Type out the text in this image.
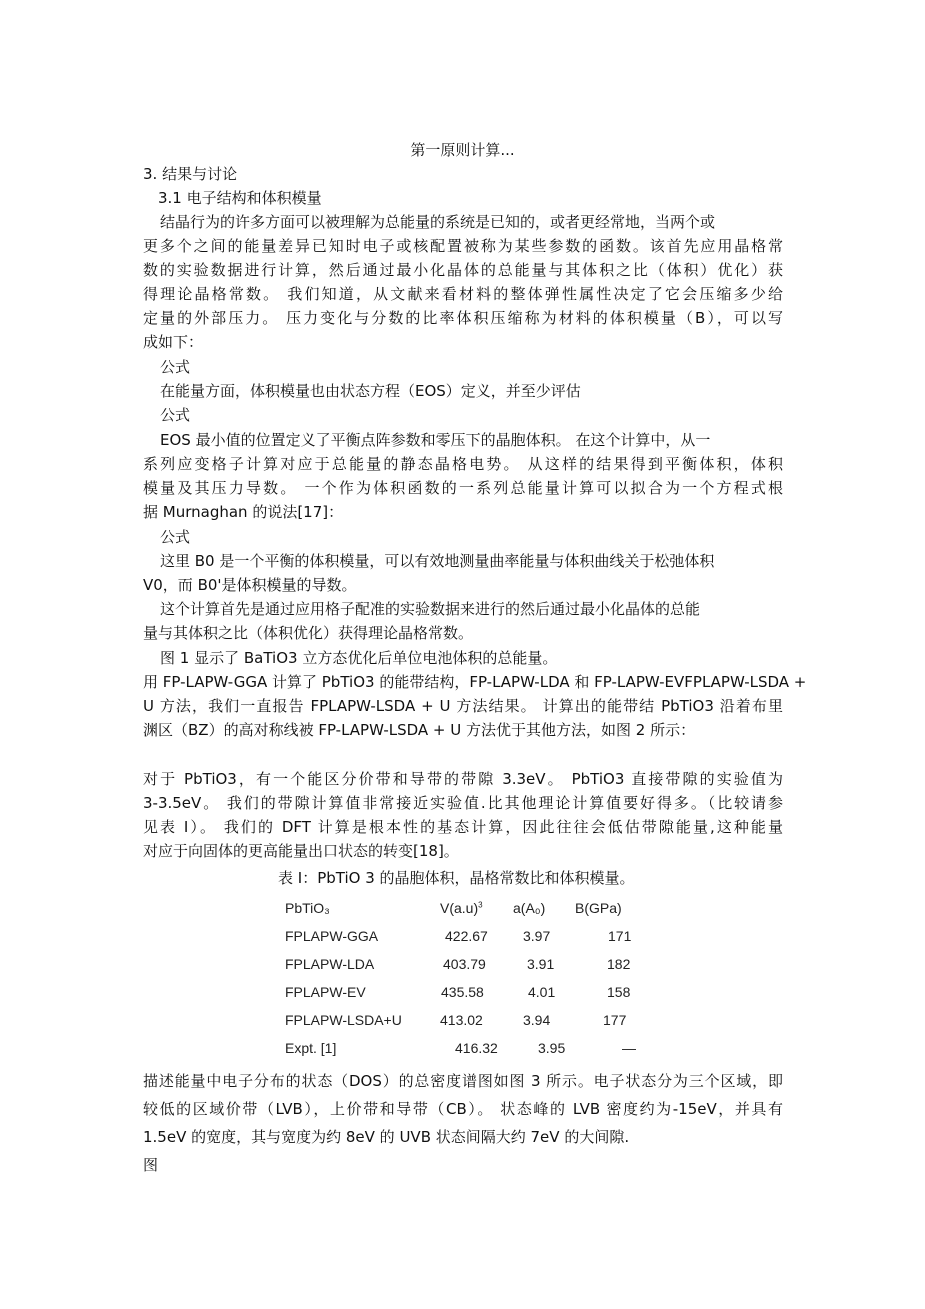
第一原则计算...
3. 结果与讨论
3.1 电子结构和体积模量
结晶行为的许多方面可以被理解为总能量的系统是已知的，或者更经常地，当两个或
更多个之间的能量差异已知时电子或核配置被称为某些参数的函数。该首先应用晶格常
数的实验数据进行计算，然后通过最小化晶体的总能量与其体积之比（体积）优化）获
得理论晶格常数。 我们知道，从文献来看材料的整体弹性属性决定了它会压缩多少给
定量的外部压力。 压力变化与分数的比率体积压缩称为材料的体积模量（B），可以写
成如下：
公式
在能量方面，体积模量也由状态方程（EOS）定义，并至少评估
公式
EOS 最小值的位置定义了平衡点阵参数和零压下的晶胞体积。 在这个计算中，从一
系列应变格子计算对应于总能量的静态晶格电势。 从这样的结果得到平衡体积，体积
模量及其压力导数。 一个作为体积函数的一系列总能量计算可以拟合为一个方程式根
据 Murnaghan 的说法[17]：
公式
这里 B0 是一个平衡的体积模量，可以有效地测量曲率能量与体积曲线关于松弛体积
V0，而 B0'是体积模量的导数。
这个计算首先是通过应用格子配准的实验数据来进行的然后通过最小化晶体的总能
量与其体积之比（体积优化）获得理论晶格常数。
图 1 显示了 BaTiO3 立方态优化后单位电池体积的总能量。
用 FP-LAPW-GGA 计算了 PbTiO3 的能带结构，FP-LAPW-LDA 和 FP-LAPW-EVFPLAPW-LSDA +
U 方法，我们一直报告 FPLAPW-LSDA + U 方法结果。 计算出的能带结 PbTiO3 沿着布里
渊区（BZ）的高对称线被 FP-LAPW-LSDA + U 方法优于其他方法，如图 2 所示：
对于 PbTiO3，有一个能区分价带和导带的带隙 3.3eV。 PbTiO3 直接带隙的实验值为
3-3.5eV。 我们的带隙计算值非常接近实验值.比其他理论计算值要好得多。（比较请参
见表 I）。 我们的 DFT 计算是根本性的基态计算，因此往往会低估带隙能量,这种能量
对应于向固体的更高能量出口状态的转变[18]。
表 I：PbTiO 3 的晶胞体积，晶格常数比和体积模量。
PbTiO₃	$V(a.u)^3$ a(A₀) B(GPa)
FPLAPW-GGA	422.67	3.97	171
FPLAPW-LDA	403.79	3.91	182
FPLAPW-EV	435.58	4.01	158
FPLAPW-LSDA+U	413.02	3.94	177
Expt. [1]	416.32	3.95	—
描述能量中电子分布的状态（DOS）的总密度谱图如图 3 所示。电子状态分为三个区域，即
较低的区域价带（LVB），上价带和导带（CB）。 状态峰的 LVB 密度约为-15eV，并具有
1.5eV 的宽度，其与宽度为约 8eV 的 UVB 状态间隔大约 7eV 的大间隙.
图
